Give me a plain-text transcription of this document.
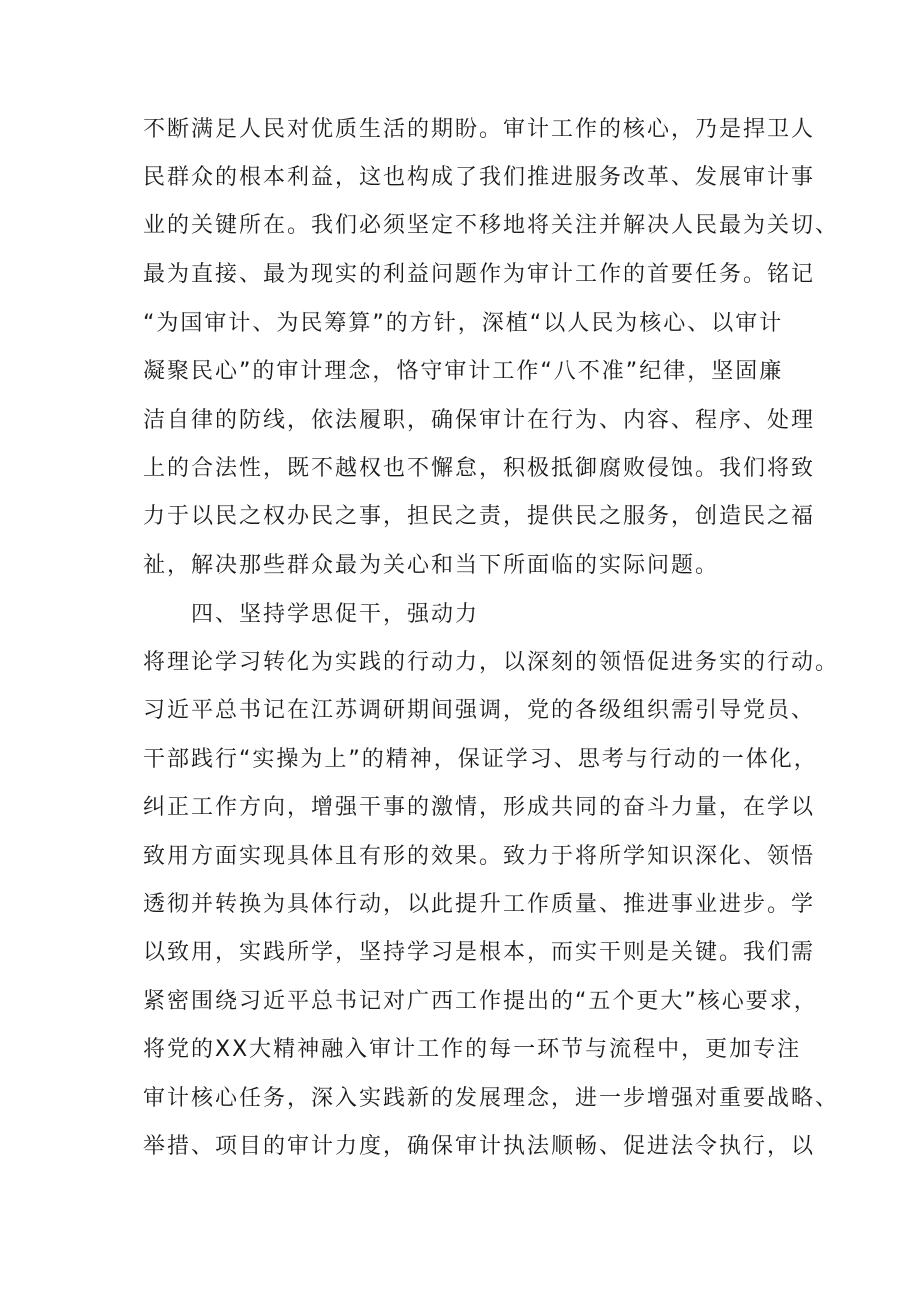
不断满足人民对优质生活的期盼。审计工作的核心，乃是捍卫人
民群众的根本利益，这也构成了我们推进服务改革、发展审计事
业的关键所在。我们必须坚定不移地将关注并解决人民最为关切、
最为直接、最为现实的利益问题作为审计工作的首要任务。铭记
“为国审计、为民筹算”的方针，深植“以人民为核心、以审计
凝聚民心”的审计理念，恪守审计工作“八不准”纪律，坚固廉
洁自律的防线，依法履职，确保审计在行为、内容、程序、处理
上的合法性，既不越权也不懈怠，积极抵御腐败侵蚀。我们将致
力于以民之权办民之事，担民之责，提供民之服务，创造民之福
祉，解决那些群众最为关心和当下所面临的实际问题。
四、坚持学思促干，强动力
将理论学习转化为实践的行动力，以深刻的领悟促进务实的行动。
习近平总书记在江苏调研期间强调，党的各级组织需引导党员、
干部践行“实操为上”的精神，保证学习、思考与行动的一体化，
纠正工作方向，增强干事的激情，形成共同的奋斗力量，在学以
致用方面实现具体且有形的效果。致力于将所学知识深化、领悟
透彻并转换为具体行动，以此提升工作质量、推进事业进步。学
以致用，实践所学，坚持学习是根本，而实干则是关键。我们需
紧密围绕习近平总书记对广西工作提出的“五个更大”核心要求，
将党的XX大精神融入审计工作的每一环节与流程中，更加专注
审计核心任务，深入实践新的发展理念，进一步增强对重要战略、
举措、项目的审计力度，确保审计执法顺畅、促进法令执行，以
